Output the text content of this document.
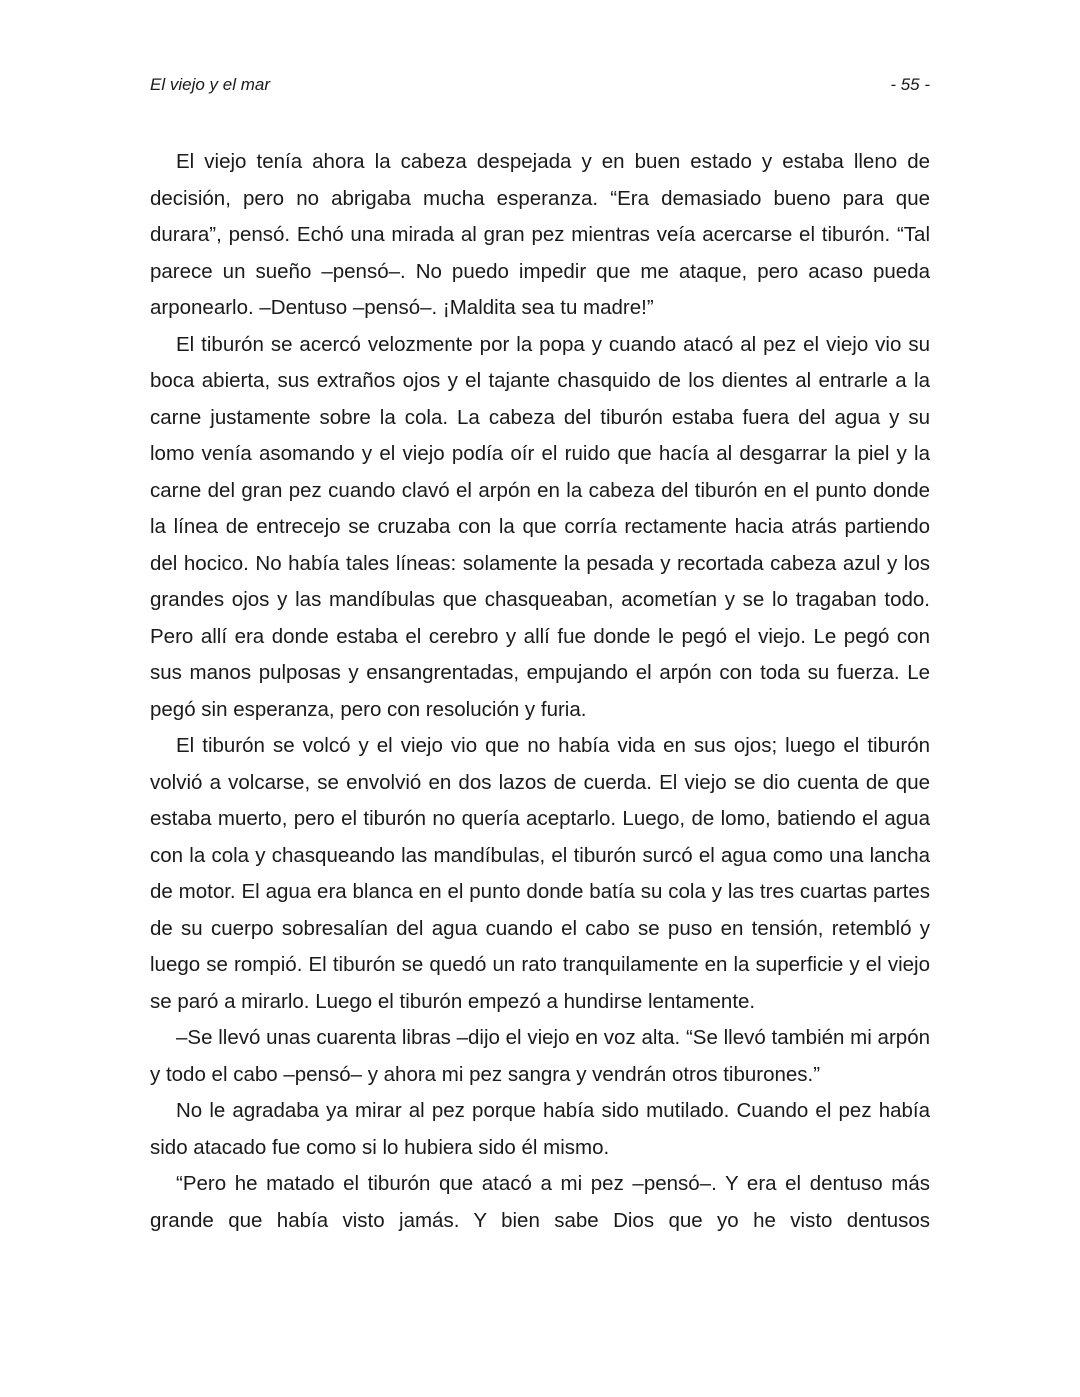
El viejo y el mar	- 55 -

El viejo tenía ahora la cabeza despejada y en buen estado y estaba lleno de decisión, pero no abrigaba mucha esperanza. “Era demasiado bueno para que durara”, pensó. Echó una mirada al gran pez mientras veía acercarse el tiburón. “Tal parece un sueño –pensó–. No puedo impedir que me ataque, pero acaso pueda arponearlo. –Dentuso –pensó–. ¡Maldita sea tu madre!”

El tiburón se acercó velozmente por la popa y cuando atacó al pez el viejo vio su boca abierta, sus extraños ojos y el tajante chasquido de los dientes al entrarle a la carne justamente sobre la cola. La cabeza del tiburón estaba fuera del agua y su lomo venía asomando y el viejo podía oír el ruido que hacía al desgarrar la piel y la carne del gran pez cuando clavó el arpón en la cabeza del tiburón en el punto donde la línea de entrecejo se cruzaba con la que corría rectamente hacia atrás partiendo del hocico. No había tales líneas: solamente la pesada y recortada cabeza azul y los grandes ojos y las mandíbulas que chasqueaban, acometían y se lo tragaban todo. Pero allí era donde estaba el cerebro y allí fue donde le pegó el viejo. Le pegó con sus manos pulposas y ensangrentadas, empujando el arpón con toda su fuerza. Le pegó sin esperanza, pero con resolución y furia.

El tiburón se volcó y el viejo vio que no había vida en sus ojos; luego el tiburón volvió a volcarse, se envolvió en dos lazos de cuerda. El viejo se dio cuenta de que estaba muerto, pero el tiburón no quería aceptarlo. Luego, de lomo, batiendo el agua con la cola y chasqueando las mandíbulas, el tiburón surcó el agua como una lancha de motor. El agua era blanca en el punto donde batía su cola y las tres cuartas partes de su cuerpo sobresalían del agua cuando el cabo se puso en tensión, retembló y luego se rompió. El tiburón se quedó un rato tranquilamente en la superficie y el viejo se paró a mirarlo. Luego el tiburón empezó a hundirse lentamente.

–Se llevó unas cuarenta libras –dijo el viejo en voz alta. “Se llevó también mi arpón y todo el cabo –pensó– y ahora mi pez sangra y vendrán otros tiburones.”

No le agradaba ya mirar al pez porque había sido mutilado. Cuando el pez había sido atacado fue como si lo hubiera sido él mismo.

“Pero he matado el tiburón que atacó a mi pez –pensó–. Y era el dentuso más grande que había visto jamás. Y bien sabe Dios que yo he visto dentusos
